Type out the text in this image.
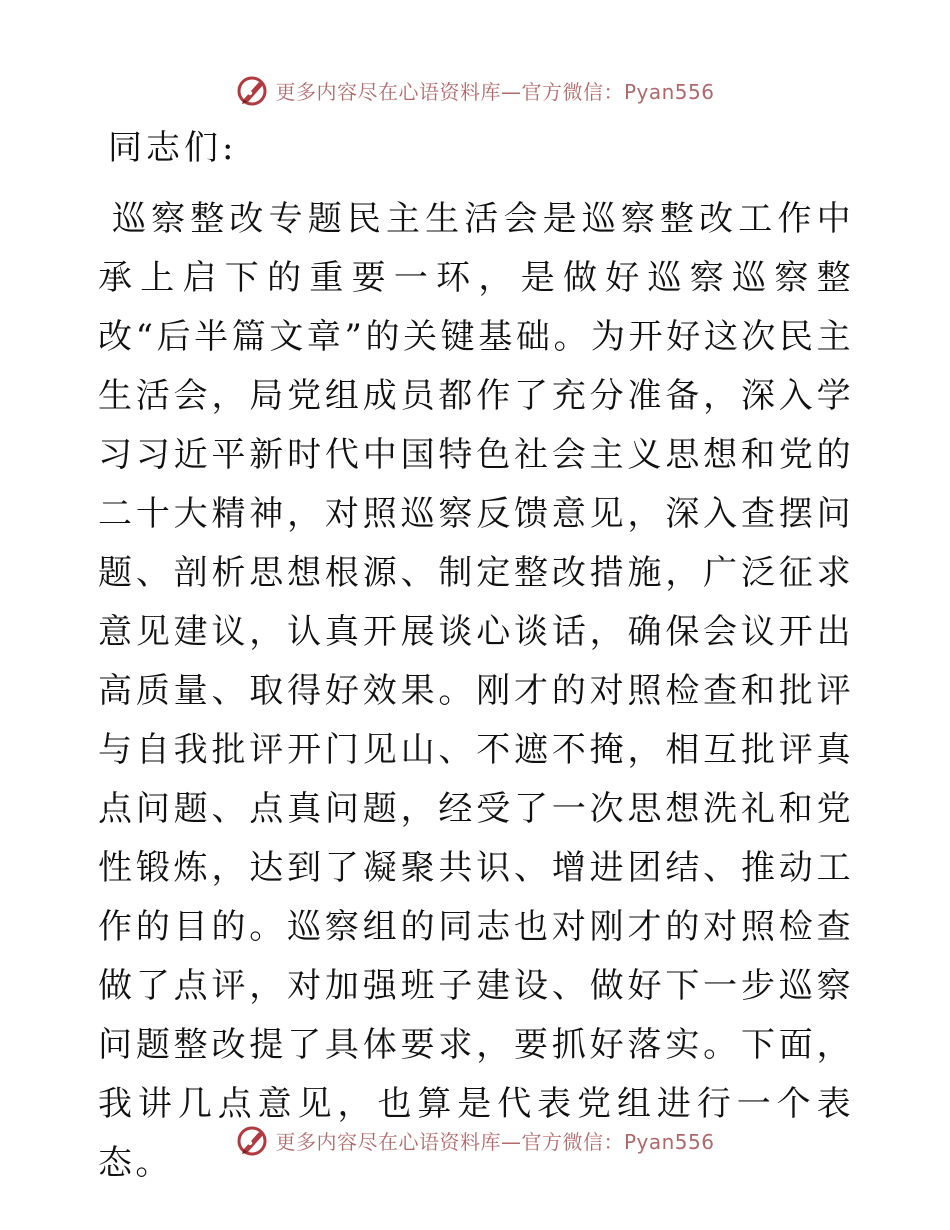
更多内容尽在心语资料库—官方微信：Pyan556
同志们:

巡察整改专题民主生活会是巡察整改工作中承上启下的重要一环，是做好巡察巡察整改“后半篇文章”的关键基础。为开好这次民主生活会，局党组成员都作了充分准备，深入学习习近平新时代中国特色社会主义思想和党的二十大精神，对照巡察反馈意见，深入查摆问题、剖析思想根源、制定整改措施，广泛征求意见建议，认真开展谈心谈话，确保会议开出高质量、取得好效果。刚才的对照检查和批评与自我批评开门见山、不遮不掩，相互批评真点问题、点真问题，经受了一次思想洗礼和党性锻炼，达到了凝聚共识、增进团结、推动工作的目的。巡察组的同志也对刚才的对照检查做了点评，对加强班子建设、做好下一步巡察问题整改提了具体要求，要抓好落实。下面，我讲几点意见，也算是代表党组进行一个表态。

更多内容尽在心语资料库—官方微信：Pyan556
